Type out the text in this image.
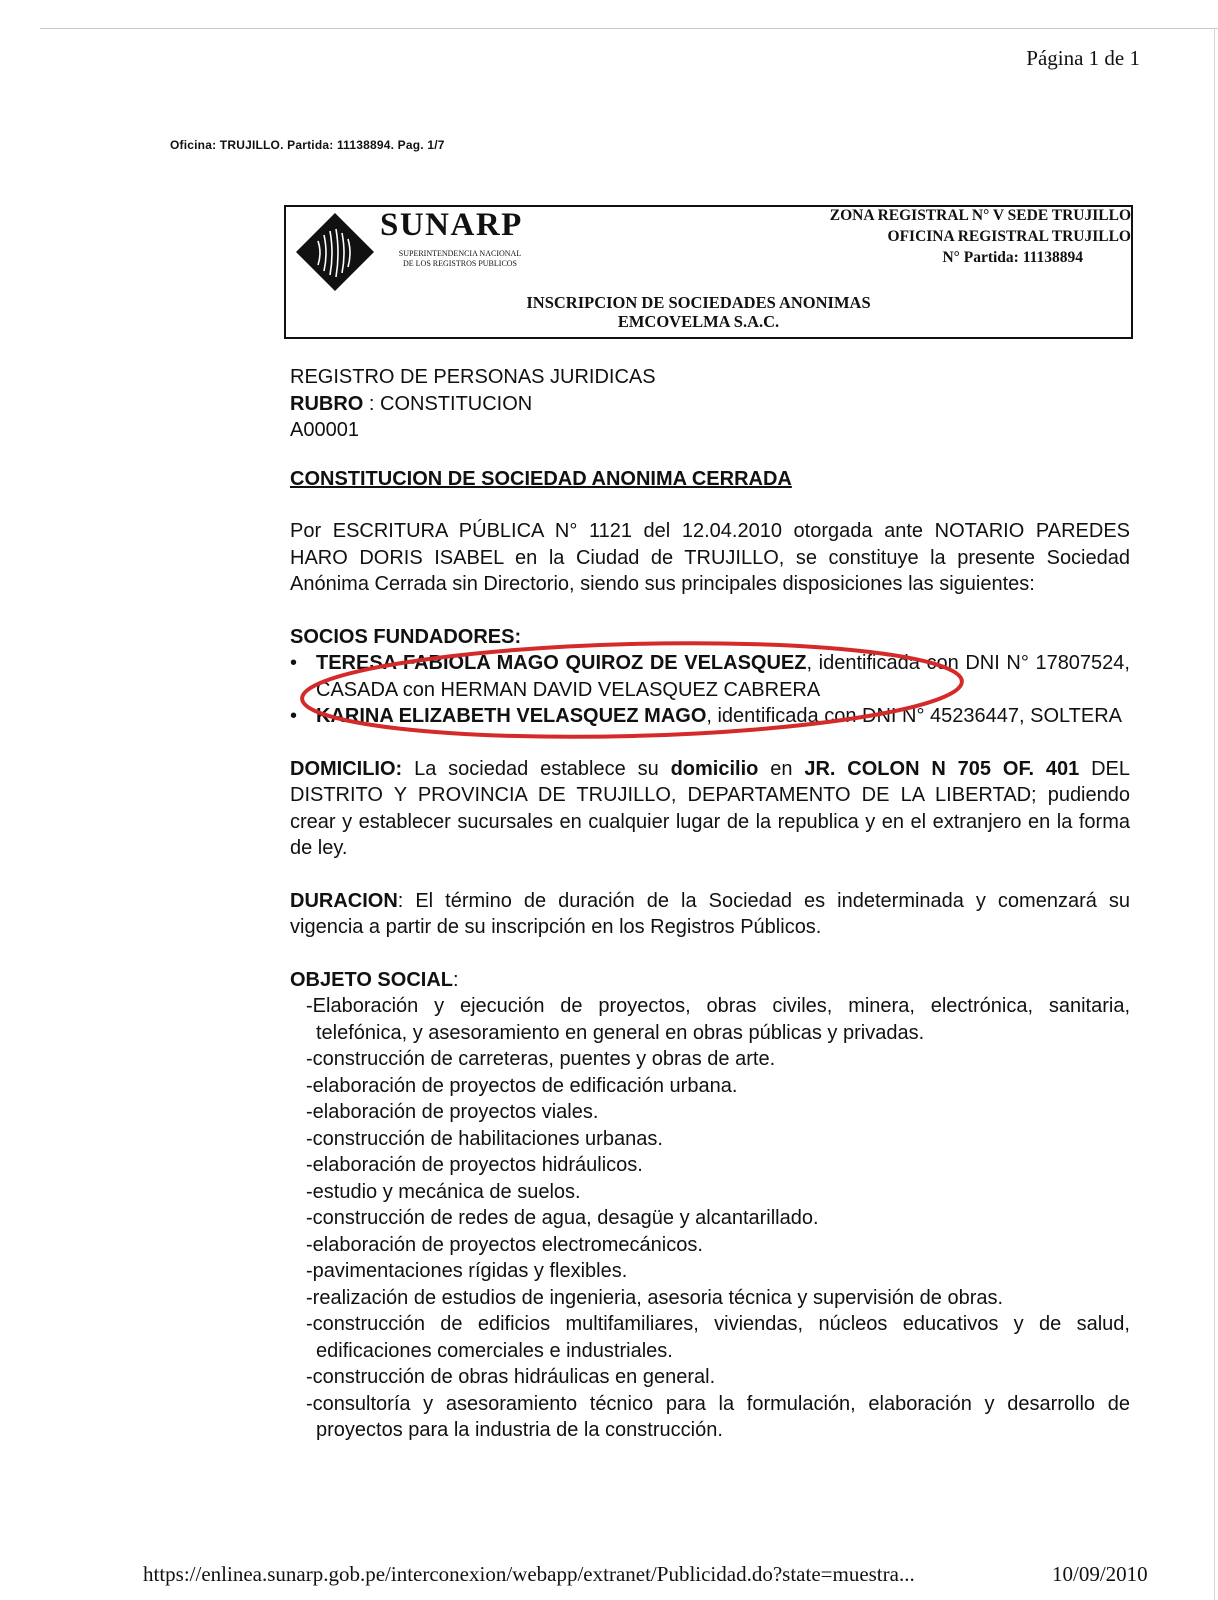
Página 1 de 1
Oficina: TRUJILLO. Partida: 11138894. Pag. 1/7
SUNARP
SUPERINTENDENCIA NACIONAL
DE LOS REGISTROS PUBLICOS
ZONA REGISTRAL N° V SEDE TRUJILLO
OFICINA REGISTRAL TRUJILLO
N° Partida: 11138894
INSCRIPCION DE SOCIEDADES ANONIMAS
EMCOVELMA S.A.C.

REGISTRO DE PERSONAS JURIDICAS

RUBRO : CONSTITUCION

A00001

CONSTITUCION DE SOCIEDAD ANONIMA CERRADA

Por ESCRITURA PÚBLICA N° 1121 del 12.04.2010 otorgada ante NOTARIO PAREDES HARO DORIS ISABEL en la Ciudad de TRUJILLO, se constituye la presente Sociedad Anónima Cerrada sin Directorio, siendo sus principales disposiciones las siguientes:

SOCIOS FUNDADORES:

• TERESA FABIOLA MAGO QUIROZ DE VELASQUEZ, identificada con DNI N° 17807524, CASADA con HERMAN DAVID VELASQUEZ CABRERA
• KARINA ELIZABETH VELASQUEZ MAGO, identificada con DNI N° 45236447, SOLTERA

DOMICILIO: La sociedad establece su domicilio en JR. COLON N 705 OF. 401 DEL DISTRITO Y PROVINCIA DE TRUJILLO, DEPARTAMENTO DE LA LIBERTAD; pudiendo crear y establecer sucursales en cualquier lugar de la republica y en el extranjero en la forma de ley.

DURACION: El término de duración de la Sociedad es indeterminada y comenzará su vigencia a partir de su inscripción en los Registros Públicos.

OBJETO SOCIAL:

-Elaboración y ejecución de proyectos, obras civiles, minera, electrónica, sanitaria, telefónica, y asesoramiento en general en obras públicas y privadas.
-construcción de carreteras, puentes y obras de arte.
-elaboración de proyectos de edificación urbana.
-elaboración de proyectos viales.
-construcción de habilitaciones urbanas.
-elaboración de proyectos hidráulicos.
-estudio y mecánica de suelos.
-construcción de redes de agua, desagüe y alcantarillado.
-elaboración de proyectos electromecánicos.
-pavimentaciones rígidas y flexibles.
-realización de estudios de ingenieria, asesoria técnica y supervisión de obras.
-construcción de edificios multifamiliares, viviendas, núcleos educativos y de salud, edificaciones comerciales e industriales.
-construcción de obras hidráulicas en general.
-consultoría y asesoramiento técnico para la formulación, elaboración y desarrollo de proyectos para la industria de la construcción.
https://enlinea.sunarp.gob.pe/interconexion/webapp/extranet/Publicidad.do?state=muestra...	10/09/2010
